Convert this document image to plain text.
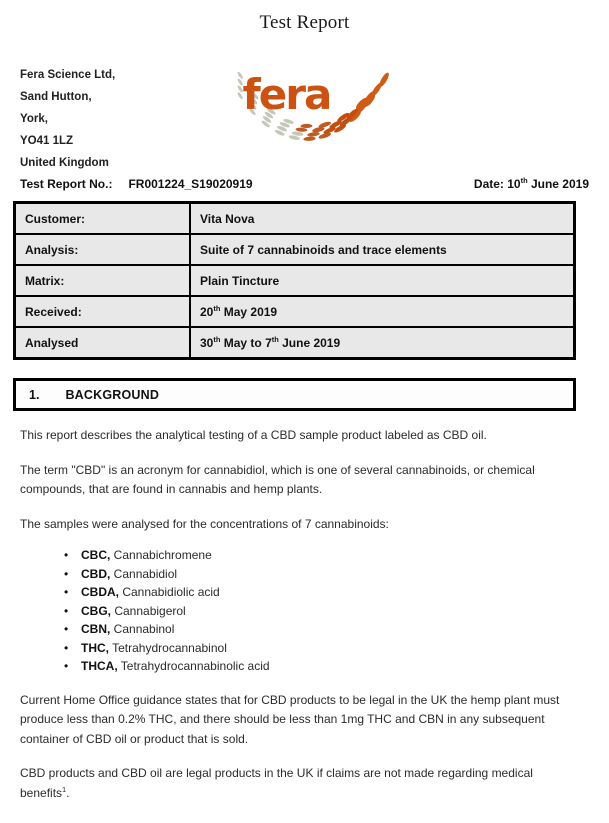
Test Report
Fera Science Ltd,
Sand Hutton,
York,
YO41 1LZ
United Kingdom
fera
Test Report No.: FR001224_S19020919	Date: 10th June 2019
Customer:	Vita Nova
Analysis:	Suite of 7 cannabinoids and trace elements
Matrix:	Plain Tincture
Received:	20th May 2019
Analysed	30th May to 7th June 2019
1. BACKGROUND

This report describes the analytical testing of a CBD sample product labeled as CBD oil.

The term "CBD" is an acronym for cannabidiol, which is one of several cannabinoids, or chemical compounds, that are found in cannabis and hemp plants.

The samples were analysed for the concentrations of 7 cannabinoids:

• CBC, Cannabichromene
• CBD, Cannabidiol
• CBDA, Cannabidiolic acid
• CBG, Cannabigerol
• CBN, Cannabinol
• THC, Tetrahydrocannabinol
• THCA, Tetrahydrocannabinolic acid

Current Home Office guidance states that for CBD products to be legal in the UK the hemp plant must produce less than 0.2% THC, and there should be less than 1mg THC and CBN in any subsequent container of CBD oil or product that is sold.

CBD products and CBD oil are legal products in the UK if claims are not made regarding medical benefits$^1$.
